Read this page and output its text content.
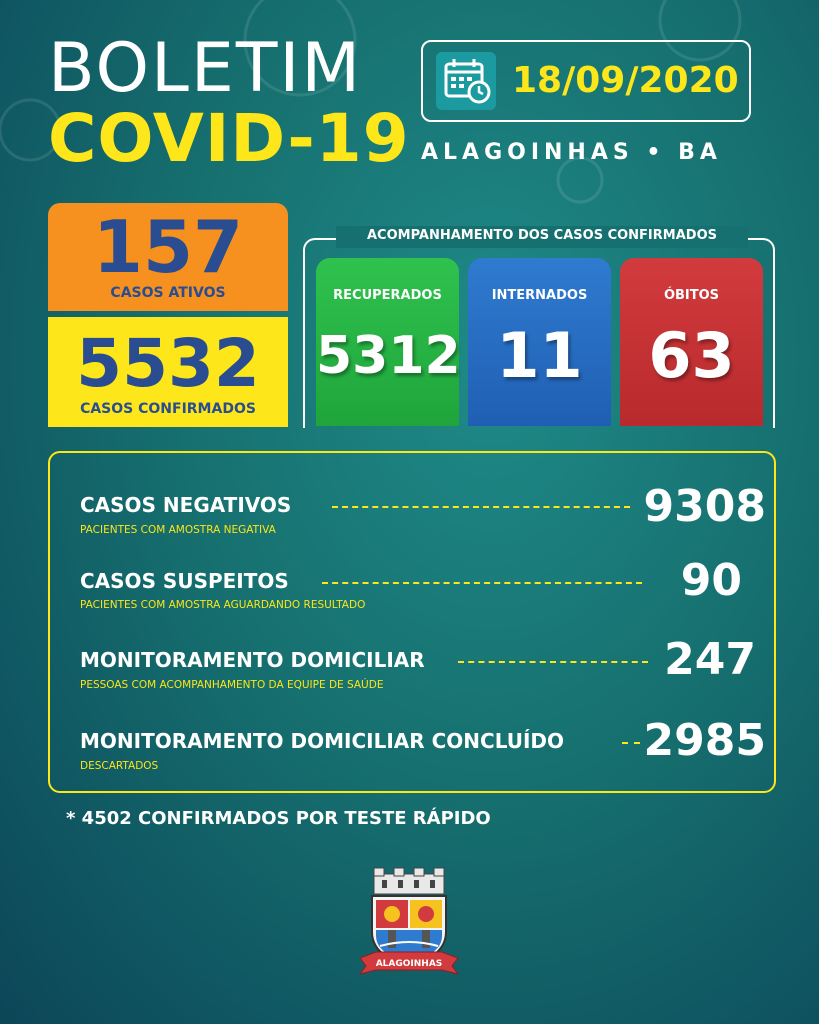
BOLETIM
COVID-19
18/09/2020
ALAGOINHAS • BA
157
CASOS ATIVOS
5532
CASOS CONFIRMADOS
ACOMPANHAMENTO DOS CASOS CONFIRMADOS
RECUPERADOS
5312
INTERNADOS
11
ÓBITOS
63
CASOS NEGATIVOS
PACIENTES COM AMOSTRA NEGATIVA	9308
CASOS SUSPEITOS
PACIENTES COM AMOSTRA AGUARDANDO RESULTADO	90
MONITORAMENTO DOMICILIAR
PESSOAS COM ACOMPANHAMENTO DA EQUIPE DE SAÚDE	247
MONITORAMENTO DOMICILIAR CONCLUÍDO
DESCARTADOS	2985
* 4502 CONFIRMADOS POR TESTE RÁPIDO
ALAGOINHAS
